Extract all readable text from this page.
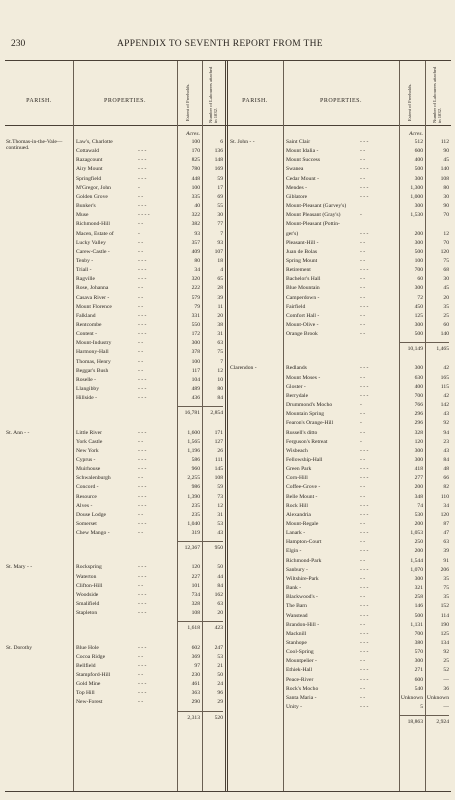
230	APPENDIX TO SEVENTH REPORT FROM THE
PARISH.	PROPERTIES.	Extent of Freeholds.	Number of Labourers attached in 1832.
PARISH.	PROPERTIES.	Extent of Freeholds.	Number of Labourers attached in 1832.
Acres.
St.Thomas-in-the-Vale—continued.
Law's, Charlotte	100	6
Cottawald	- - -	170	136
Razagcount	- - -	825	148
Airy Mount	- - -	780	169
Springfield	- - -	448	59
M'Gregor, John	-	100	17
Golden Grove	- -	335	69
Bunker's	- - -	40	55
Muse	- - - -	322	30
Richmond-Hill	- -	382	77
Macen, Estate of	-	93	7
Lucky Valley	- -	357	93
Carew-Castle -	- -	409	107
Tenby -	- - -	80	18
Triall -	- - -	34	4
Ragville	- - -	320	65
Rose, Johanna	- -	222	28
Casava River -	- -	579	39
Mount Florence	- -	79	11
Falkland	- - -	331	20
Rentcombe	- - -	550	38
Content -	- - -	172	31
Mount-Industry	- -	300	63
Harmony-Hall	- -	378	75
Thomas, Henry	- -	100	7
Beggar's Bush	- -	117	12
Roselle -	- - -	104	10
Llangibby	- - -	489	80
Hillside -	- - -	436	84
16,781	2,854
St. Ann - -	Little River	- - -	1,600	171
York Castle	- -	1,565	127
New York	- - -	1,196	26
Cyprus -	- - -	586	111
Muirhouse	- - -	960	145
Schwalenburgh	- -	2,255	108
Concord -	- - -	986	59
Resource	- - -	1,390	73
Alves -	- - -	235	12
Douse Lodge	- -	235	31
Somerset	- - -	1,040	53
Chew Mango -	- -	319	43
12,367	950
St. Mary - -	Rockspring	- - -	120	50
Waterton	- - -	227	44
Clifton-Hill	- -	101	84
Woodside	- - -	734	162
Smalifield	- - -	328	63
Stapleton	- - -	108	20
1,618	423
St. Dorothy	Blue Hole	- - -	602	247
Cocoa Ridge	- -	369	53
Bellfield	- - -	97	21
Stampford-Hill	- -	230	50
Gold Mine	- - -	461	24
Top Hill	- - -	363	96
New-Forest	- -	290	29
2,313	520
Acres.
St. John - -	Saint Clair	- - -	512	112
Mount Idalia -	- -	600	90
Mount Success	- -	400	45
Swanea	- - -	500	140
Cedar Mount -	- -	300	108
Mendes -	- - -	1,300	80
Giblatore	- - -	1,000	30
Mount-Pleasant (Garvey's)	300	90
Mount Pleasant (Gray's)	-	1,530	70
Mount-Pleasant (Pottin-
ger's)	- - -	200	12
Pleasant-Hill -	- -	300	70
Juan de Bolas	- -	500	120
Spring Mount	- -	100	75
Retirement	- - -	700	68
Bachelor's Hall	- -	60	30
Blue Mountain	- -	300	45
Camperdown -	- -	72	20
Fairfield	- - -	450	35
Comfort Hall -	- -	125	25
Mount-Olive -	- -	300	60
Orange Brook	- -	500	140
10,149	1,465
Clarendon -	Redlands	- - -	300	42
Mount Moses -	- -	630	165
Gloster -	- - -	400	115
Berrydale	- - -	700	42
Drummond's Mocho	-	766	142
Mountain Spring	- -	296	43
Fearon's Orange-Hill	-	296	92
Russell's ditto	- -	328	94
Ferguson's Retreat	-	120	23
Wisbeach	- - -	300	43
Fellowship-Hall	- -	300	84
Green Park	- - -	418	48
Corn-Hill	- - -	277	66
Coffee-Grove -	- -	200	82
Belle Mount -	- -	348	110
Rock Hill	- - -	74	34
Alexandria	- - -	530	120
Mount-Regale	- -	200	87
Lanark -	- - -	1,053	47
Hampton-Court	- -	250	63
Elgin -	- - -	200	39
Richmond-Park	- -	1,544	91
Sanbury -	- - -	1,070	206
Wiltshire-Park	- -	300	35
Bank -	- - -	321	75
Blackwood's -	- -	258	35
The Barn	- - -	146	152
Wanstead	- - -	500	114
Brandon-Hill -	- -	1,131	190
Macknill	- - -	700	125
Stanhope	- - -	380	134
Cool-Spring	- - -	570	92
Mountpelier -	- -	300	25
Ethiek-Hall	- - -	271	52
Peace-River	- - -	600	—
Rock's Mocho	- -	540	36
Santa Maria -	- -	Unknown Unknown
Unity -	- - -	5	—
18,863	2,924
